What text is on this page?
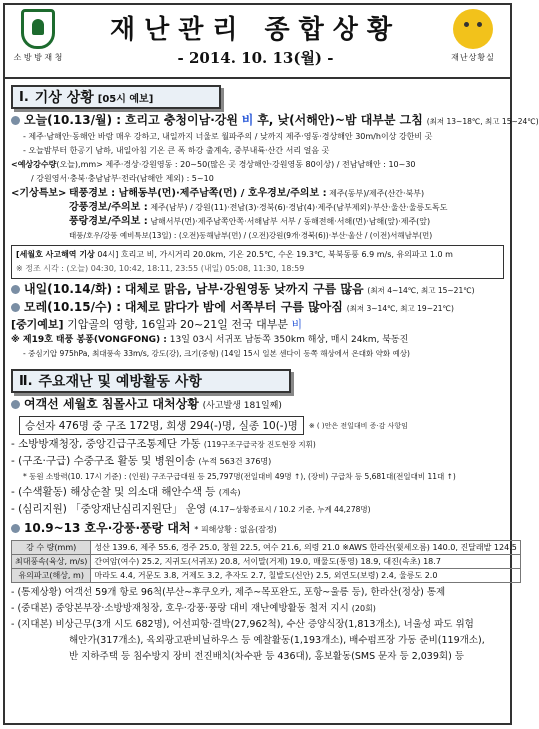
소 방 방 재 청
재난관리 종합상황
- 2014. 10. 13(월) -	재난상황실
Ⅰ. 기상 상황 [05시 예보]
오늘(10.13/월) : 흐리고 충청이남·강원 비 후, 낮(서해안)~밤 대부분 그침 (최저 13~18℃, 최고 15~24℃)
- 제주·남해안·동해안 바람 매우 강하고, 내일까지 너울로 월파주의 / 낮까지 제주·영동·경상해안 30m/h이상 강한비 곳
- 오늘밤부터 한공기 남하, 내일아침 기온 큰 폭 하강 출계속, 중부내륙·산간 서리 얼음 곳
<예상강수량(오늘),mm> 제주·경상·강원영동 : 20~50(많은 곳 경상해안·강원영동 80이상) / 전남남해안 : 10~30
/ 강원영서·충북·충남남부·전라(남해안 제외) : 5~10
<기상특보> 태풍경보 : 남해동부(먼)·제주남쪽(먼) / 호우경보/주의보 : 제주(동부)/제주(산간·북부)
강풍경보/주의보 : 제주(남부) / 강원(11)·전남(3)·경북(6)·경남(4)·제주(남부제외)·부산·울산·울릉도독도
풍랑경보/주의보 : 남해서부(먼)·제주남쪽안쪽·서해남부 서부 / 동해전해·서해(먼)·남해(앞)·제주(앞)
태풍/호우/강풍 예비특보(13일) : (오전)동해남부(먼) / (오전)강원(9개·경북(6))·부산·울산 / (이전)서해남부(먼)
[세월호 사고해역 기상 04시] 흐리고 비, 가시거리 20.0km, 기온 20.5℃, 수온 19.3℃, 북북동풍 6.9 m/s, 유의파고 1.0 m
※ 정조 시각 : (오늘) 04:30, 10:42, 18:11, 23:55 (내일) 05:08, 11:30, 18:59
내일(10.14/화) : 대체로 맑음, 남부·강원영동 낮까지 구름 많음 (최저 4~14℃, 최고 15~21℃)
모레(10.15/수) : 대체로 맑다가 밤에 서쪽부터 구름 많아짐 (최저 3~14℃, 최고 19~21℃)
[중기예보] 기압골의 영향, 16일과 20~21일 전국 대부분 비
※ 제19호 태풍 봉퐁(VONGFONG) : 13일 03시 서귀포 남동쪽 350km 해상, 매시 24km, 북동진
- 중심기압 975hPa, 최대풍속 33m/s, 강도(강), 크기(중형) (14일 15시 일본 센다이 동쪽 해상에서 온대화 약화 예상)
Ⅱ. 주요재난 및 예방활동 사항
여객선 세월호 침몰사고 대처상황 (사고발생 181일째)
승선자 476명 중 구조 172명, 희생 294(-)명, 실종 10(-)명	※ ( )안은 전일대비 증·감 사항임
- 소방방재청장, 중앙긴급구조통제단 가동 (119구조구급국장 진도현장 지휘)
- (구조·구급) 수중구조 활동 및 병원이송 (누적 563건 376명)
* 동원 소방력(10. 17시 기준) : (인원) 구조구급대원 등 25,797명(전일대비 49명 ↑), (장비) 구급차 등 5,681대(전일대비 11대 ↑)
- (수색활동) 해상순찰 및 의소대 해안수색 등 (계속)
- (심리지원) 「중앙재난심리지원단」 운영 (4.17~상황종료시 / 10.2 기준, 누계 44,278명)
10.9~13 호우·강풍·풍랑 대처 * 피해상황 : 없음(잠정)
강 수 량(mm)	성산 139.6, 제주 55.6, 경주 25.0, 창원 22.5, 여수 21.6, 의령 21.0 ※AWS 한라산(윗세오름) 140.0, 진달래밭 124.5
최대풍속(육상, m/s)	간여암(여수) 25.2, 지귀도(서귀포) 20.8, 서이말(거제) 19.0, 매물도(통영) 18.9, 대진(속초) 18.7
유의파고(해상, m)	마라도 4.4, 거문도 3.8, 거제도 3.2, 추자도 2.7, 칠발도(신안) 2.5, 외연도(보령) 2.4, 울릉도 2.0
- (통제상황) 여객선 59개 항로 96척(부산~후쿠오카, 제주~목포완도, 포항~울릉 등), 한라산(정상) 통제
- (중대본) 중앙본부장·소방방재청장, 호우·강풍·풍랑 대비 재난예방활동 철저 지시 (20회)
- (지대본) 비상근무(3개 시도 682명), 어선피항·결박(27,962척), 수산 증양식장(1,813개소), 너울성 파도 위험
해안가(317개소), 육외광고판비닐하우스 등 예찰활동(1,193개소), 배수펌프장 가동 준비(119개소),
반 지하주택 등 침수방지 장비 전진배치(차수판 등 436대), 홍보활동(SMS 문자 등 2,039회) 등
